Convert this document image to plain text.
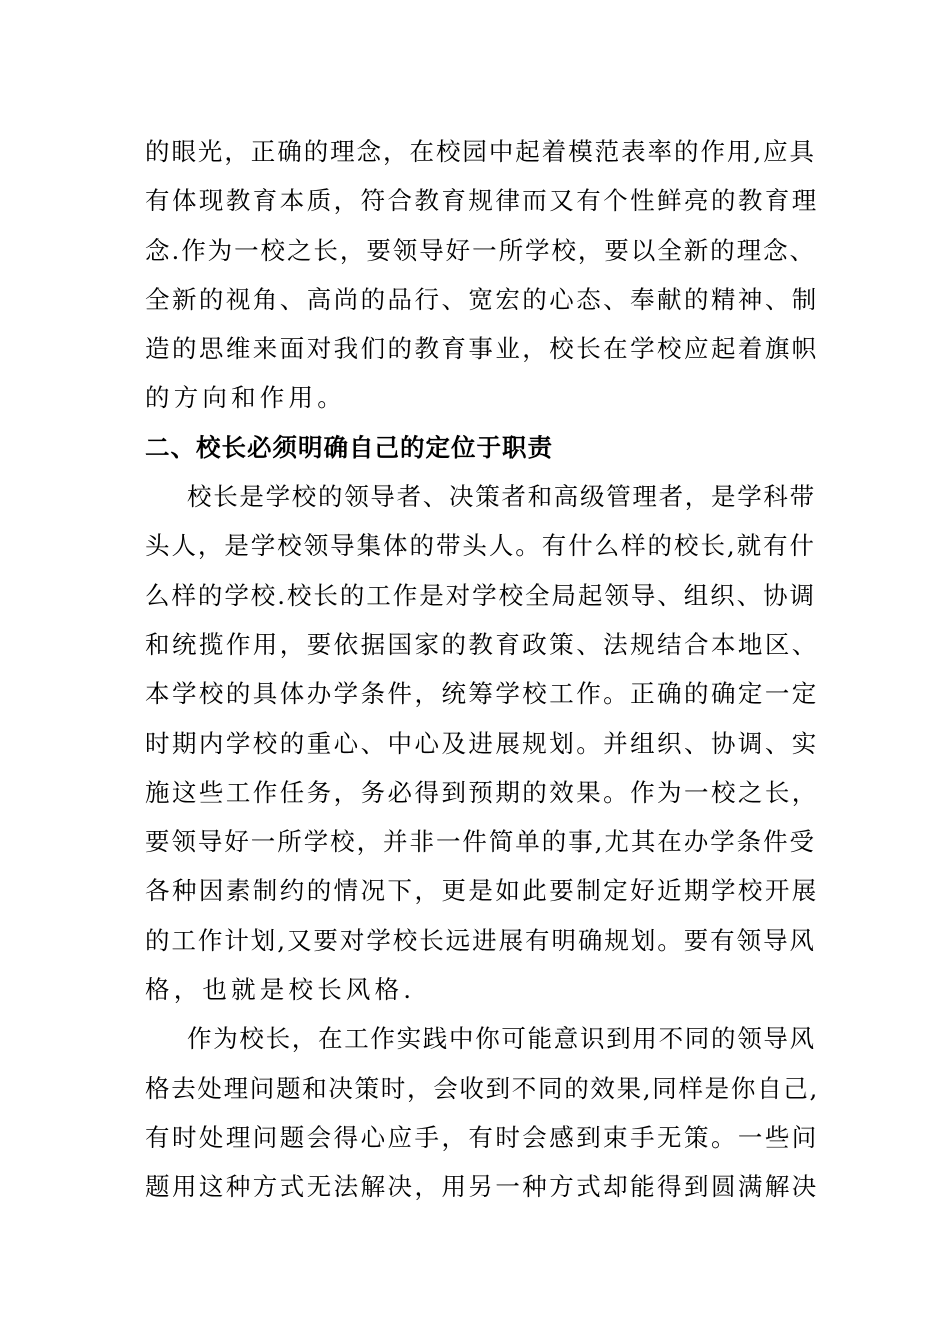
的眼光，正确的理念，在校园中起着模范表率的作用,应具
有体现教育本质，符合教育规律而又有个性鲜亮的教育理
念.作为一校之长，要领导好一所学校，要以全新的理念、
全新的视角、高尚的品行、宽宏的心态、奉献的精神、制
造的思维来面对我们的教育事业，校长在学校应起着旗帜
的方向和作用。
二、校长必须明确自己的定位于职责
校长是学校的领导者、决策者和高级管理者，是学科带
头人，是学校领导集体的带头人。有什么样的校长,就有什
么样的学校.校长的工作是对学校全局起领导、组织、协调
和统揽作用，要依据国家的教育政策、法规结合本地区、
本学校的具体办学条件，统筹学校工作。正确的确定一定
时期内学校的重心、中心及进展规划。并组织、协调、实
施这些工作任务，务必得到预期的效果。作为一校之长，
要领导好一所学校，并非一件简单的事,尤其在办学条件受
各种因素制约的情况下，更是如此要制定好近期学校开展
的工作计划,又要对学校长远进展有明确规划。要有领导风
格，也就是校长风格.
作为校长，在工作实践中你可能意识到用不同的领导风
格去处理问题和决策时，会收到不同的效果,同样是你自己,
有时处理问题会得心应手，有时会感到束手无策。一些问
题用这种方式无法解决，用另一种方式却能得到圆满解决
